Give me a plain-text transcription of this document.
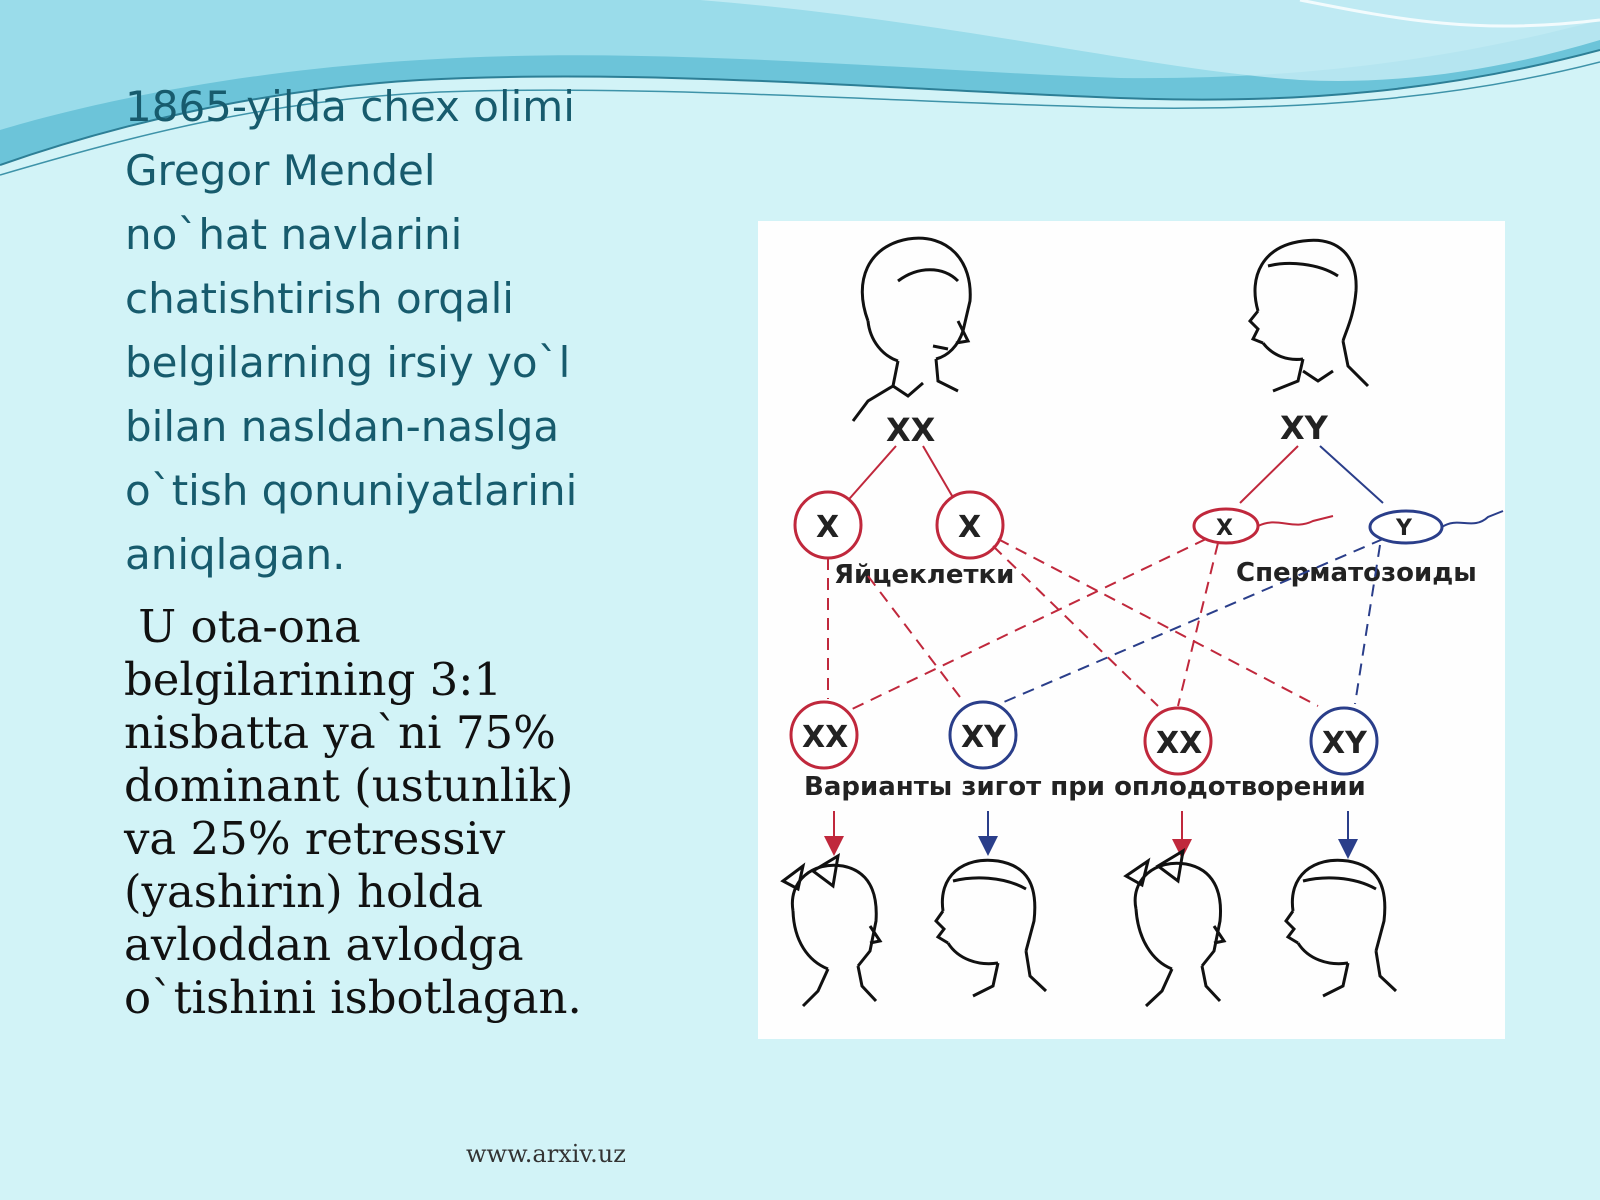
1865-yilda chex olimi
Gregor Mendel
no`hat navlarini
chatishtirish orqali
belgilarning irsiy yo`l
bilan nasldan-naslga
o`tish qonuniyatlarini
aniqlagan.
U ota-ona
belgilarining 3:1
nisbatta ya`ni 75%
dominant (ustunlik)
va 25% retressiv
(yashirin) holda
avloddan avlodga
o`tishini isbotlagan.
www.arxiv.uz
XX	XY
X	X	X	Y
Яйцеклетки	Сперматозоиды
XX	XY	XX	XY
Варианты зигот при оплодотворении
